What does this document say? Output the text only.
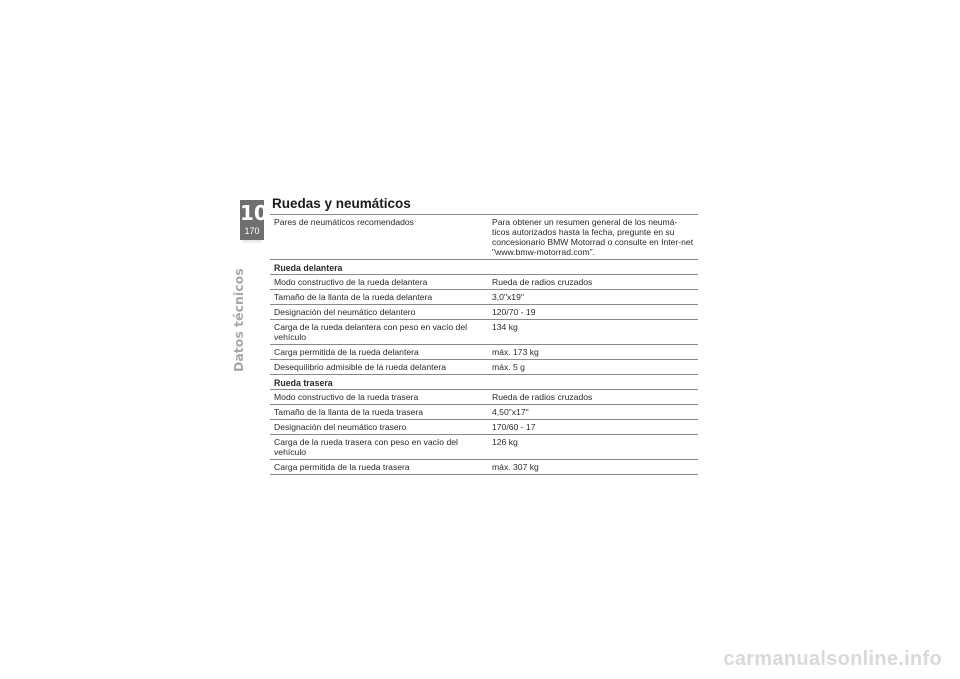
10
170
Datos técnicos
Ruedas y neumáticos
Pares de neumáticos recomendados	Para obtener un resumen general de los neumá-ticos autorizados hasta la fecha, pregunte en su concesionario BMW Motorrad o consulte en Inter-net "www.bmw-motorrad.com".
Rueda delantera	
Modo constructivo de la rueda delantera	Rueda de radios cruzados
Tamaño de la llanta de la rueda delantera	3,0"x19"
Designación del neumático delantero	120/70 - 19
Carga de la rueda delantera con peso en vacío del vehículo	134 kg
Carga permitida de la rueda delantera	máx. 173 kg
Desequilibrio admisible de la rueda delantera	máx. 5 g
Rueda trasera	
Modo constructivo de la rueda trasera	Rueda de radios cruzados
Tamaño de la llanta de la rueda trasera	4,50"x17"
Designación del neumático trasero	170/60 - 17
Carga de la rueda trasera con peso en vacío del vehículo	126 kg
Carga permitida de la rueda trasera	máx. 307 kg
carmanualsonline.info
